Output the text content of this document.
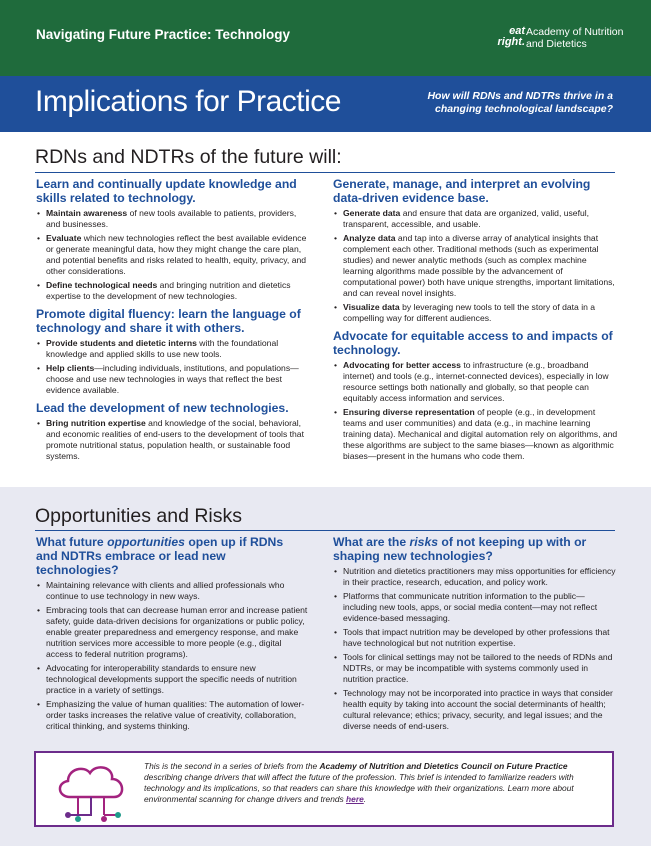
Navigating Future Practice: Technology	eat
right.
Academy of Nutrition
and Dietetics
Implications for Practice	How will RDNs and NDTRs thrive in a
changing technological landscape?
RDNs and NDTRs of the future will:
Learn and continually update knowledge and skills related to technology.
• Maintain awareness of new tools available to patients, providers, and businesses.
• Evaluate which new technologies reflect the best available evidence or generate meaningful data, how they might change the care plan, and potential benefits and risks related to health, equity, privacy, and other considerations.
• Define technological needs and bringing nutrition and dietetics expertise to the development of new technologies.
Promote digital fluency: learn the language of technology and share it with others.
• Provide students and dietetic interns with the foundational knowledge and applied skills to use new tools.
• Help clients—including individuals, institutions, and populations—choose and use new technologies in ways that reflect the best evidence available.
Lead the development of new technologies.
• Bring nutrition expertise and knowledge of the social, behavioral, and economic realities of end-users to the development of tools that promote nutritional status, population health, or sustainable food systems.
Generate, manage, and interpret an evolving data-driven evidence base.
• Generate data and ensure that data are organized, valid, useful, transparent, accessible, and usable.
• Analyze data and tap into a diverse array of analytical insights that complement each other. Traditional methods (such as experimental studies) and newer analytic methods (such as complex machine learning algorithms made possible by the advancement of computational power) both have unique strengths, important limitations, and can reveal novel insights.
• Visualize data by leveraging new tools to tell the story of data in a compelling way for different audiences.
Advocate for equitable access to and impacts of technology.
• Advocating for better access to infrastructure (e.g., broadband internet) and tools (e.g., internet-connected devices), especially in low resource settings both nationally and globally, so that people can equitably access information and services.
• Ensuring diverse representation of people (e.g., in development teams and user communities) and data (e.g., in machine learning training data). Mechanical and digital automation rely on algorithms, and these algorithms are subject to the same biases—known as algorithmic biases—present in the humans who code them.
Opportunities and Risks
What future opportunities open up if RDNs and NDTRs embrace or lead new technologies?
• Maintaining relevance with clients and allied professionals who continue to use technology in new ways.
• Embracing tools that can decrease human error and increase patient safety, guide data-driven decisions for organizations or public policy, enable greater preparedness and emergency response, and make nutrition services more accessible to more people (e.g., digital access to federal nutrition programs).
• Advocating for interoperability standards to ensure new technological developments support the specific needs of nutrition practice in a variety of settings.
• Emphasizing the value of human qualities: The automation of lower-order tasks increases the relative value of creativity, collaboration, critical thinking, and systems thinking.
What are the risks of not keeping up with or shaping new technologies?
• Nutrition and dietetics practitioners may miss opportunities for efficiency in their practice, research, education, and policy work.
• Platforms that communicate nutrition information to the public—including new tools, apps, or social media content—may not reflect evidence-based messaging.
• Tools that impact nutrition may be developed by other professions that have technological but not nutrition expertise.
• Tools for clinical settings may not be tailored to the needs of RDNs and NDTRs, or may be incompatible with systems commonly used in nutrition practice.
• Technology may not be incorporated into practice in ways that consider health equity by taking into account the social determinants of health; cultural relevance; ethics; privacy, security, and legal issues; and the diverse needs of end-users.
This is the second in a series of briefs from the Academy of Nutrition and Dietetics Council on Future Practice describing change drivers that will affect the future of the profession. This brief is intended to familiarize readers with technology and its implications, so that readers can share this knowledge with their organizations. Learn more about environmental scanning for change drivers and trends here.
